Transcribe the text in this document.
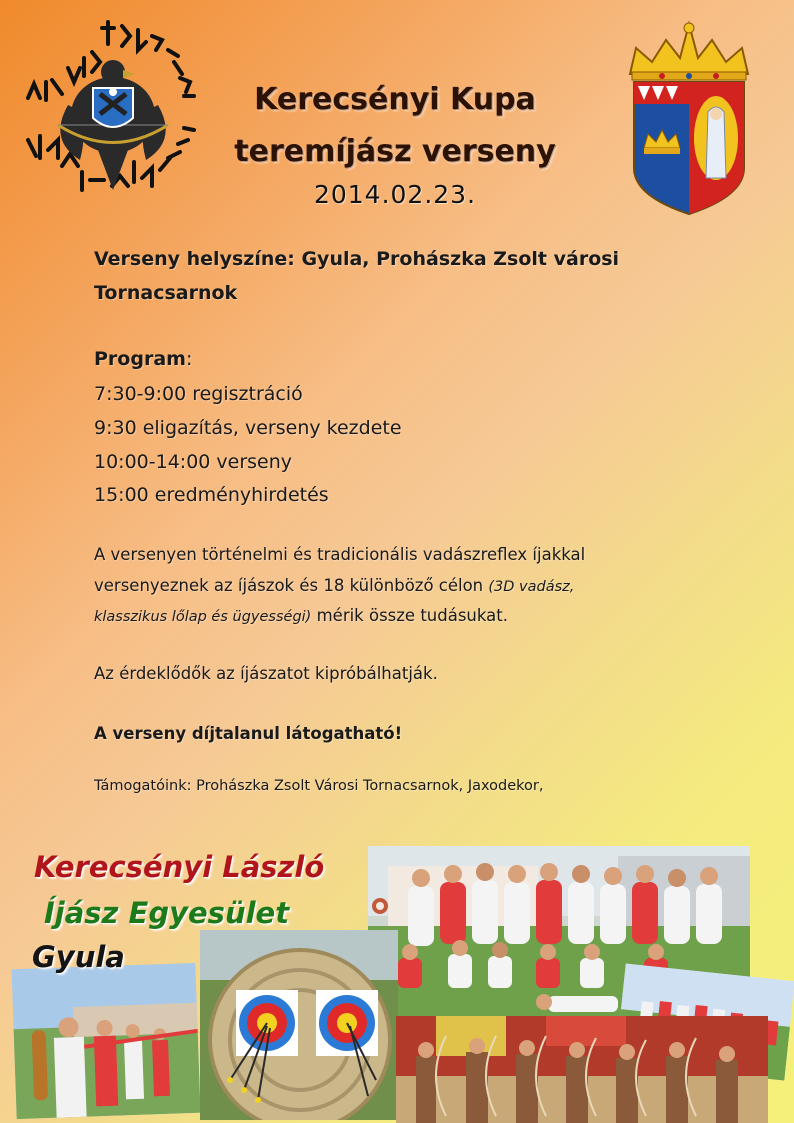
Kerecsényi Kupa
teremíjász verseny
2014.02.23.
Verseny helyszíne: Gyula, Prohászka Zsolt városi
Tornacsarnok
Program:
7:30-9:00 regisztráció
9:30 eligazítás, verseny kezdete
10:00-14:00 verseny
15:00 eredményhirdetés
A versenyen történelmi és tradicionális vadászreflex íjakkal
versenyeznek az íjászok és 18 különböző célon (3D vadász,
klasszikus lőlap és ügyességi) mérik össze tudásukat.
Az érdeklődők az íjászatot kipróbálhatják.
A verseny díjtalanul látogatható!
Támogatóink: Prohászka Zsolt Városi Tornacsarnok, Jaxodekor,
Kerecsényi László
Íjász Egyesület
Gyula
